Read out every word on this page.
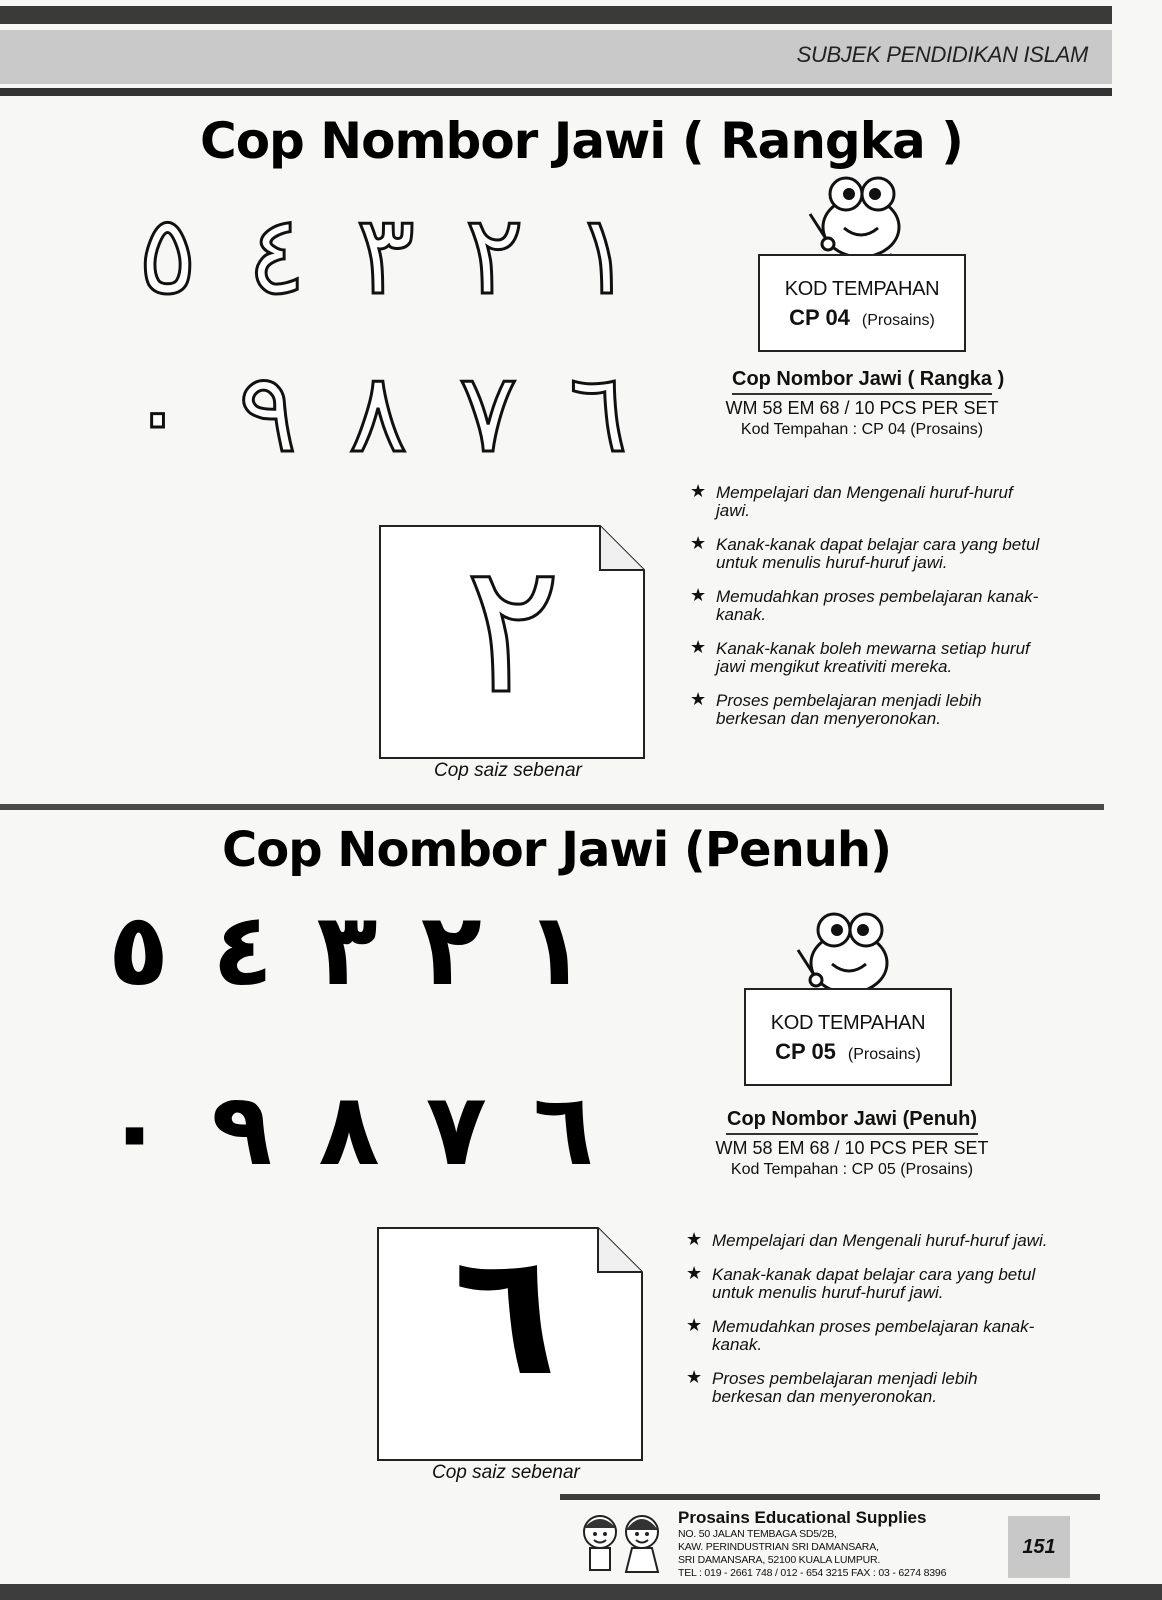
SUBJEK PENDIDIKAN ISLAM
Cop Nombor Jawi ( Rangka )
٥ ٤ ٣ ٢ ١
٠ ٩ ٨ ٧ ٦
KOD TEMPAHAN
CP 04 (Prosains)
Cop Nombor Jawi ( Rangka )
WM 58 EM 68 / 10 PCS PER SET
Kod Tempahan : CP 04 (Prosains)
★ Mempelajari dan Mengenali huruf-huruf jawi.
★ Kanak-kanak dapat belajar cara yang betul untuk menulis huruf-huruf jawi.
★ Memudahkan proses pembelajaran kanak- kanak.
★ Kanak-kanak boleh mewarna setiap huruf jawi mengikut kreativiti mereka.
★ Proses pembelajaran menjadi lebih berkesan dan menyeronokan.
٢
Cop saiz sebenar
Cop Nombor Jawi (Penuh)
٥ ٤ ٣ ٢ ١
٠ ٩ ٨ ٧ ٦
KOD TEMPAHAN
CP 05 (Prosains)
Cop Nombor Jawi (Penuh)
WM 58 EM 68 / 10 PCS PER SET
Kod Tempahan : CP 05 (Prosains)
★ Mempelajari dan Mengenali huruf-huruf jawi.
★ Kanak-kanak dapat belajar cara yang betul untuk menulis huruf-huruf jawi.
★ Memudahkan proses pembelajaran kanak- kanak.
★ Proses pembelajaran menjadi lebih berkesan dan menyeronokan.
٦
Cop saiz sebenar
Prosains Educational Supplies
NO. 50 JALAN TEMBAGA SD5/2B,
KAW. PERINDUSTRIAN SRI DAMANSARA,
SRI DAMANSARA, 52100 KUALA LUMPUR.
TEL : 019 - 2661 748 / 012 - 654 3215 FAX : 03 - 6274 8396
151
